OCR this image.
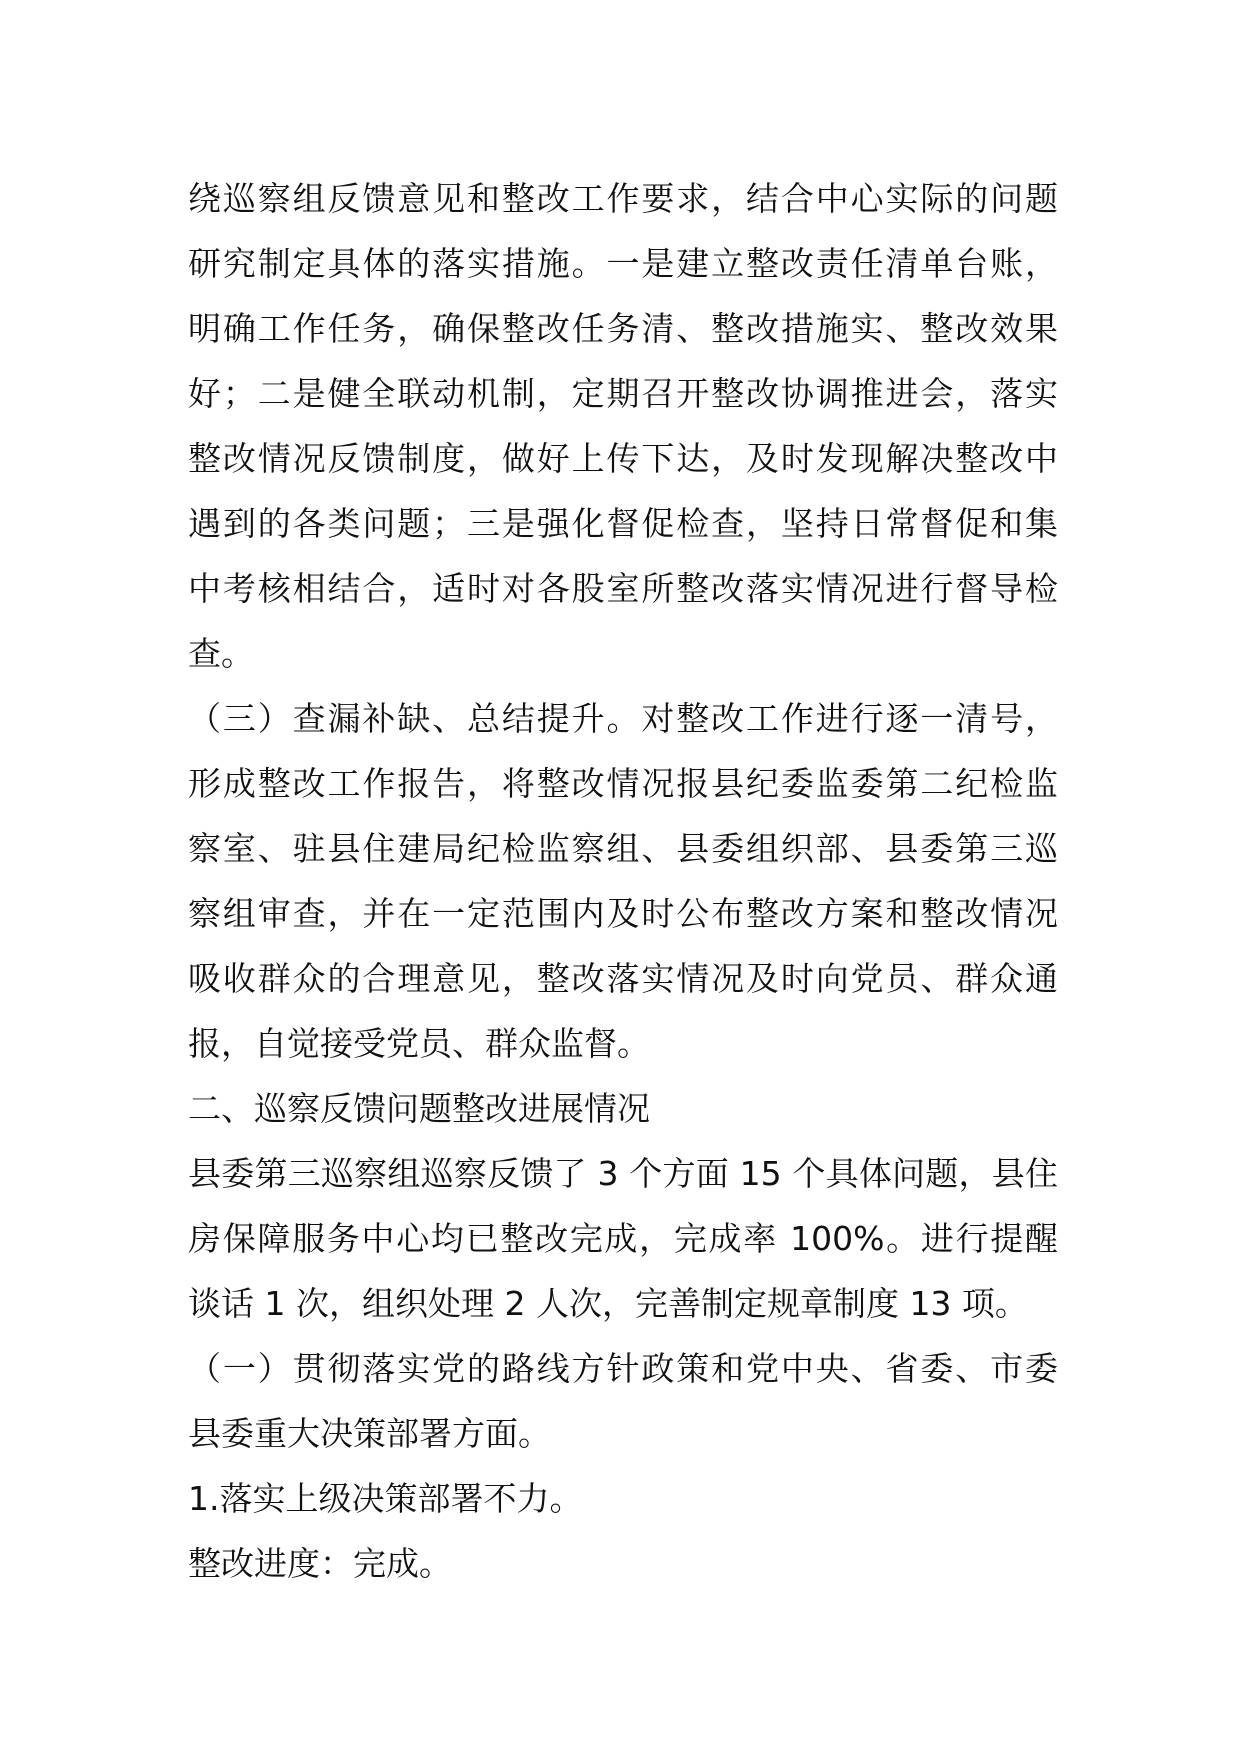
绕巡察组反馈意见和整改工作要求，结合中心实际的问题
研究制定具体的落实措施。一是建立整改责任清单台账，
明确工作任务，确保整改任务清、整改措施实、整改效果
好；二是健全联动机制，定期召开整改协调推进会，落实
整改情况反馈制度，做好上传下达，及时发现解决整改中
遇到的各类问题；三是强化督促检查，坚持日常督促和集
中考核相结合，适时对各股室所整改落实情况进行督导检
查。
（三）查漏补缺、总结提升。对整改工作进行逐一清号，
形成整改工作报告，将整改情况报县纪委监委第二纪检监
察室、驻县住建局纪检监察组、县委组织部、县委第三巡
察组审查，并在一定范围内及时公布整改方案和整改情况
吸收群众的合理意见，整改落实情况及时向党员、群众通
报，自觉接受党员、群众监督。
二、巡察反馈问题整改进展情况
县委第三巡察组巡察反馈了 3 个方面 15 个具体问题，县住
房保障服务中心均已整改完成，完成率 100%。进行提醒
谈话 1 次，组织处理 2 人次，完善制定规章制度 13 项。
（一）贯彻落实党的路线方针政策和党中央、省委、市委
县委重大决策部署方面。
1.落实上级决策部署不力。
整改进度：完成。
